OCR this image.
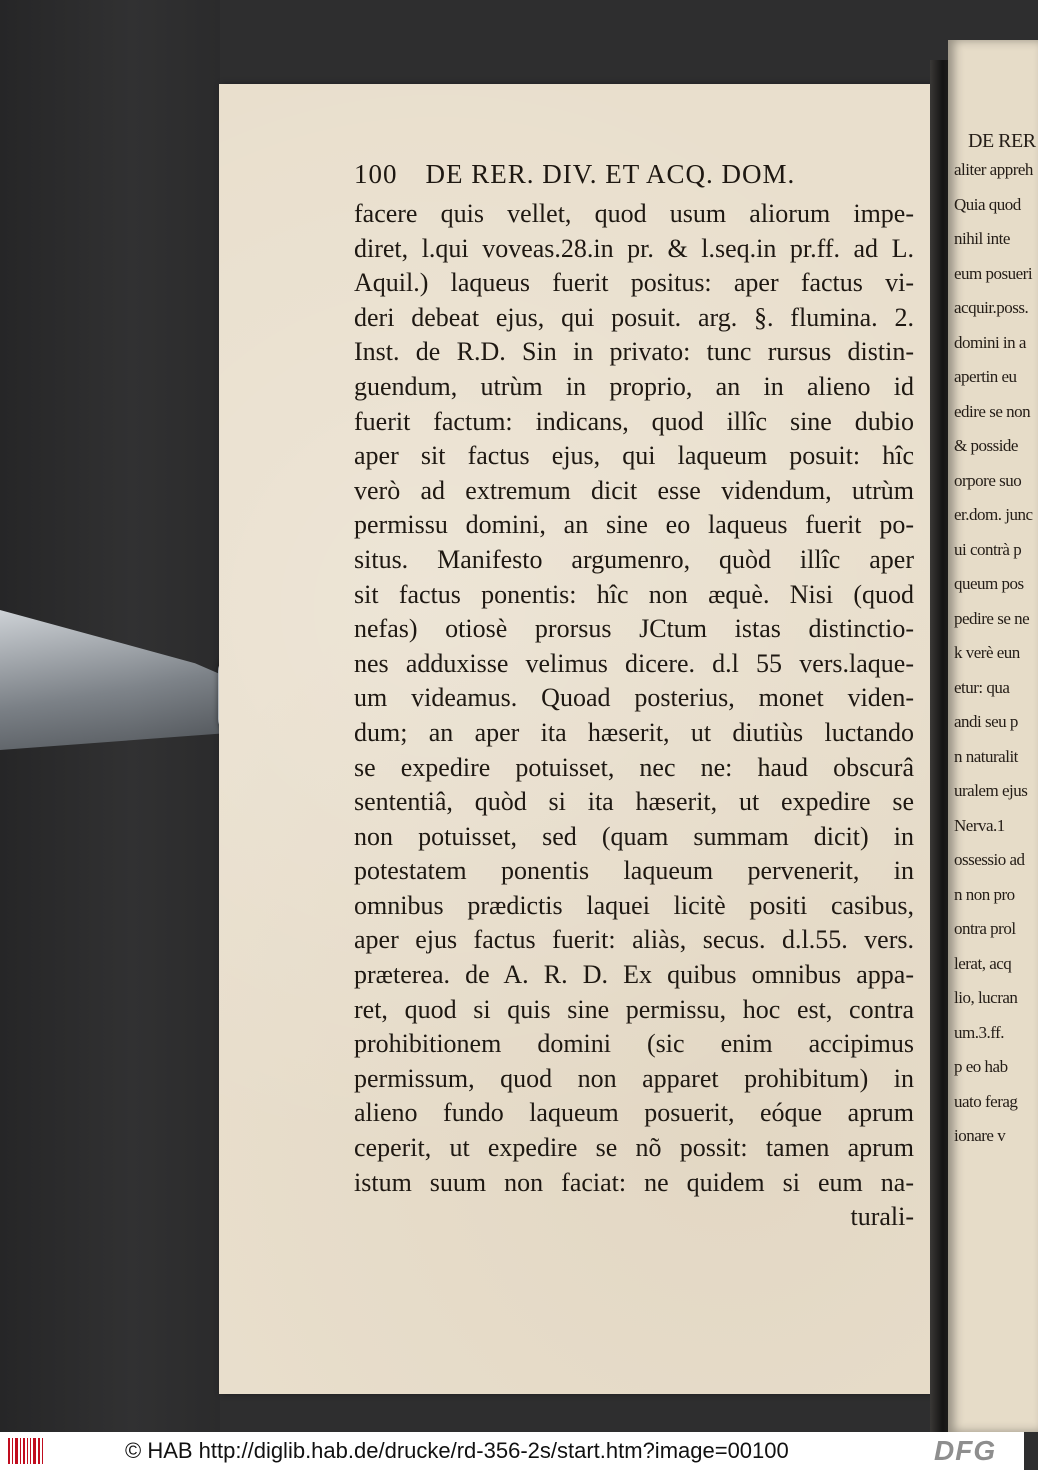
100 DE RER. DIV. ET ACQ. DOM.
facere quis vellet, quod usum aliorum impe-
diret, l.qui voveas.28.in pr. & l.seq.in pr.ff. ad L.
Aquil.) laqueus fuerit positus: aper factus vi-
deri debeat ejus, qui posuit. arg. §. flumina. 2.
Inst. de R.D. Sin in privato: tunc rursus distin-
guendum, utrùm in proprio, an in alieno id
fuerit factum: indicans, quod illîc sine dubio
aper sit factus ejus, qui laqueum posuit: hîc
verò ad extremum dicit esse videndum, utrùm
permissu domini, an sine eo laqueus fuerit po-
situs. Manifesto argumenro, quòd illîc aper
sit factus ponentis: hîc non æquè. Nisi (quod
nefas) otiosè prorsus JCtum istas distinctio-
nes adduxisse velimus dicere. d.l 55 vers.laque-
um videamus. Quoad posterius, monet viden-
dum; an aper ita hæserit, ut diutiùs luctando
se expedire potuisset, nec ne: haud obscurâ
sententiâ, quòd si ita hæserit, ut expedire se
non potuisset, sed (quam summam dicit) in
potestatem ponentis laqueum pervenerit, in
omnibus prædictis laquei licitè positi casibus,
aper ejus factus fuerit: aliàs, secus. d.l.55. vers.
præterea. de A. R. D. Ex quibus omnibus appa-
ret, quod si quis sine permissu, hoc est, contra
prohibitionem domini (sic enim accipimus
permissum, quod non apparet prohibitum) in
alieno fundo laqueum posuerit, eóque aprum
ceperit, ut expedire se nõ possit: tamen aprum
istum suum non faciat: ne quidem si eum na-
turali-
DE RER
aliter appreh
Quia quod
nihil inte
eum posueri
acquir.poss.
domini in a
apertin eu
edire se non
& posside
orpore suo
er.dom. junc
ui contrà p
queum pos
pedire se ne
k verè eun
etur: qua
andi seu p
n naturalit
uralem ejus
Nerva.1
ossessio ad
n non pro
ontra prol
lerat, acq
lio, lucran
um.3.ff.
p eo hab
uato ferag
ionare v
© HAB http://diglib.hab.de/drucke/rd-356-2s/start.htm?image=00100	DFG
